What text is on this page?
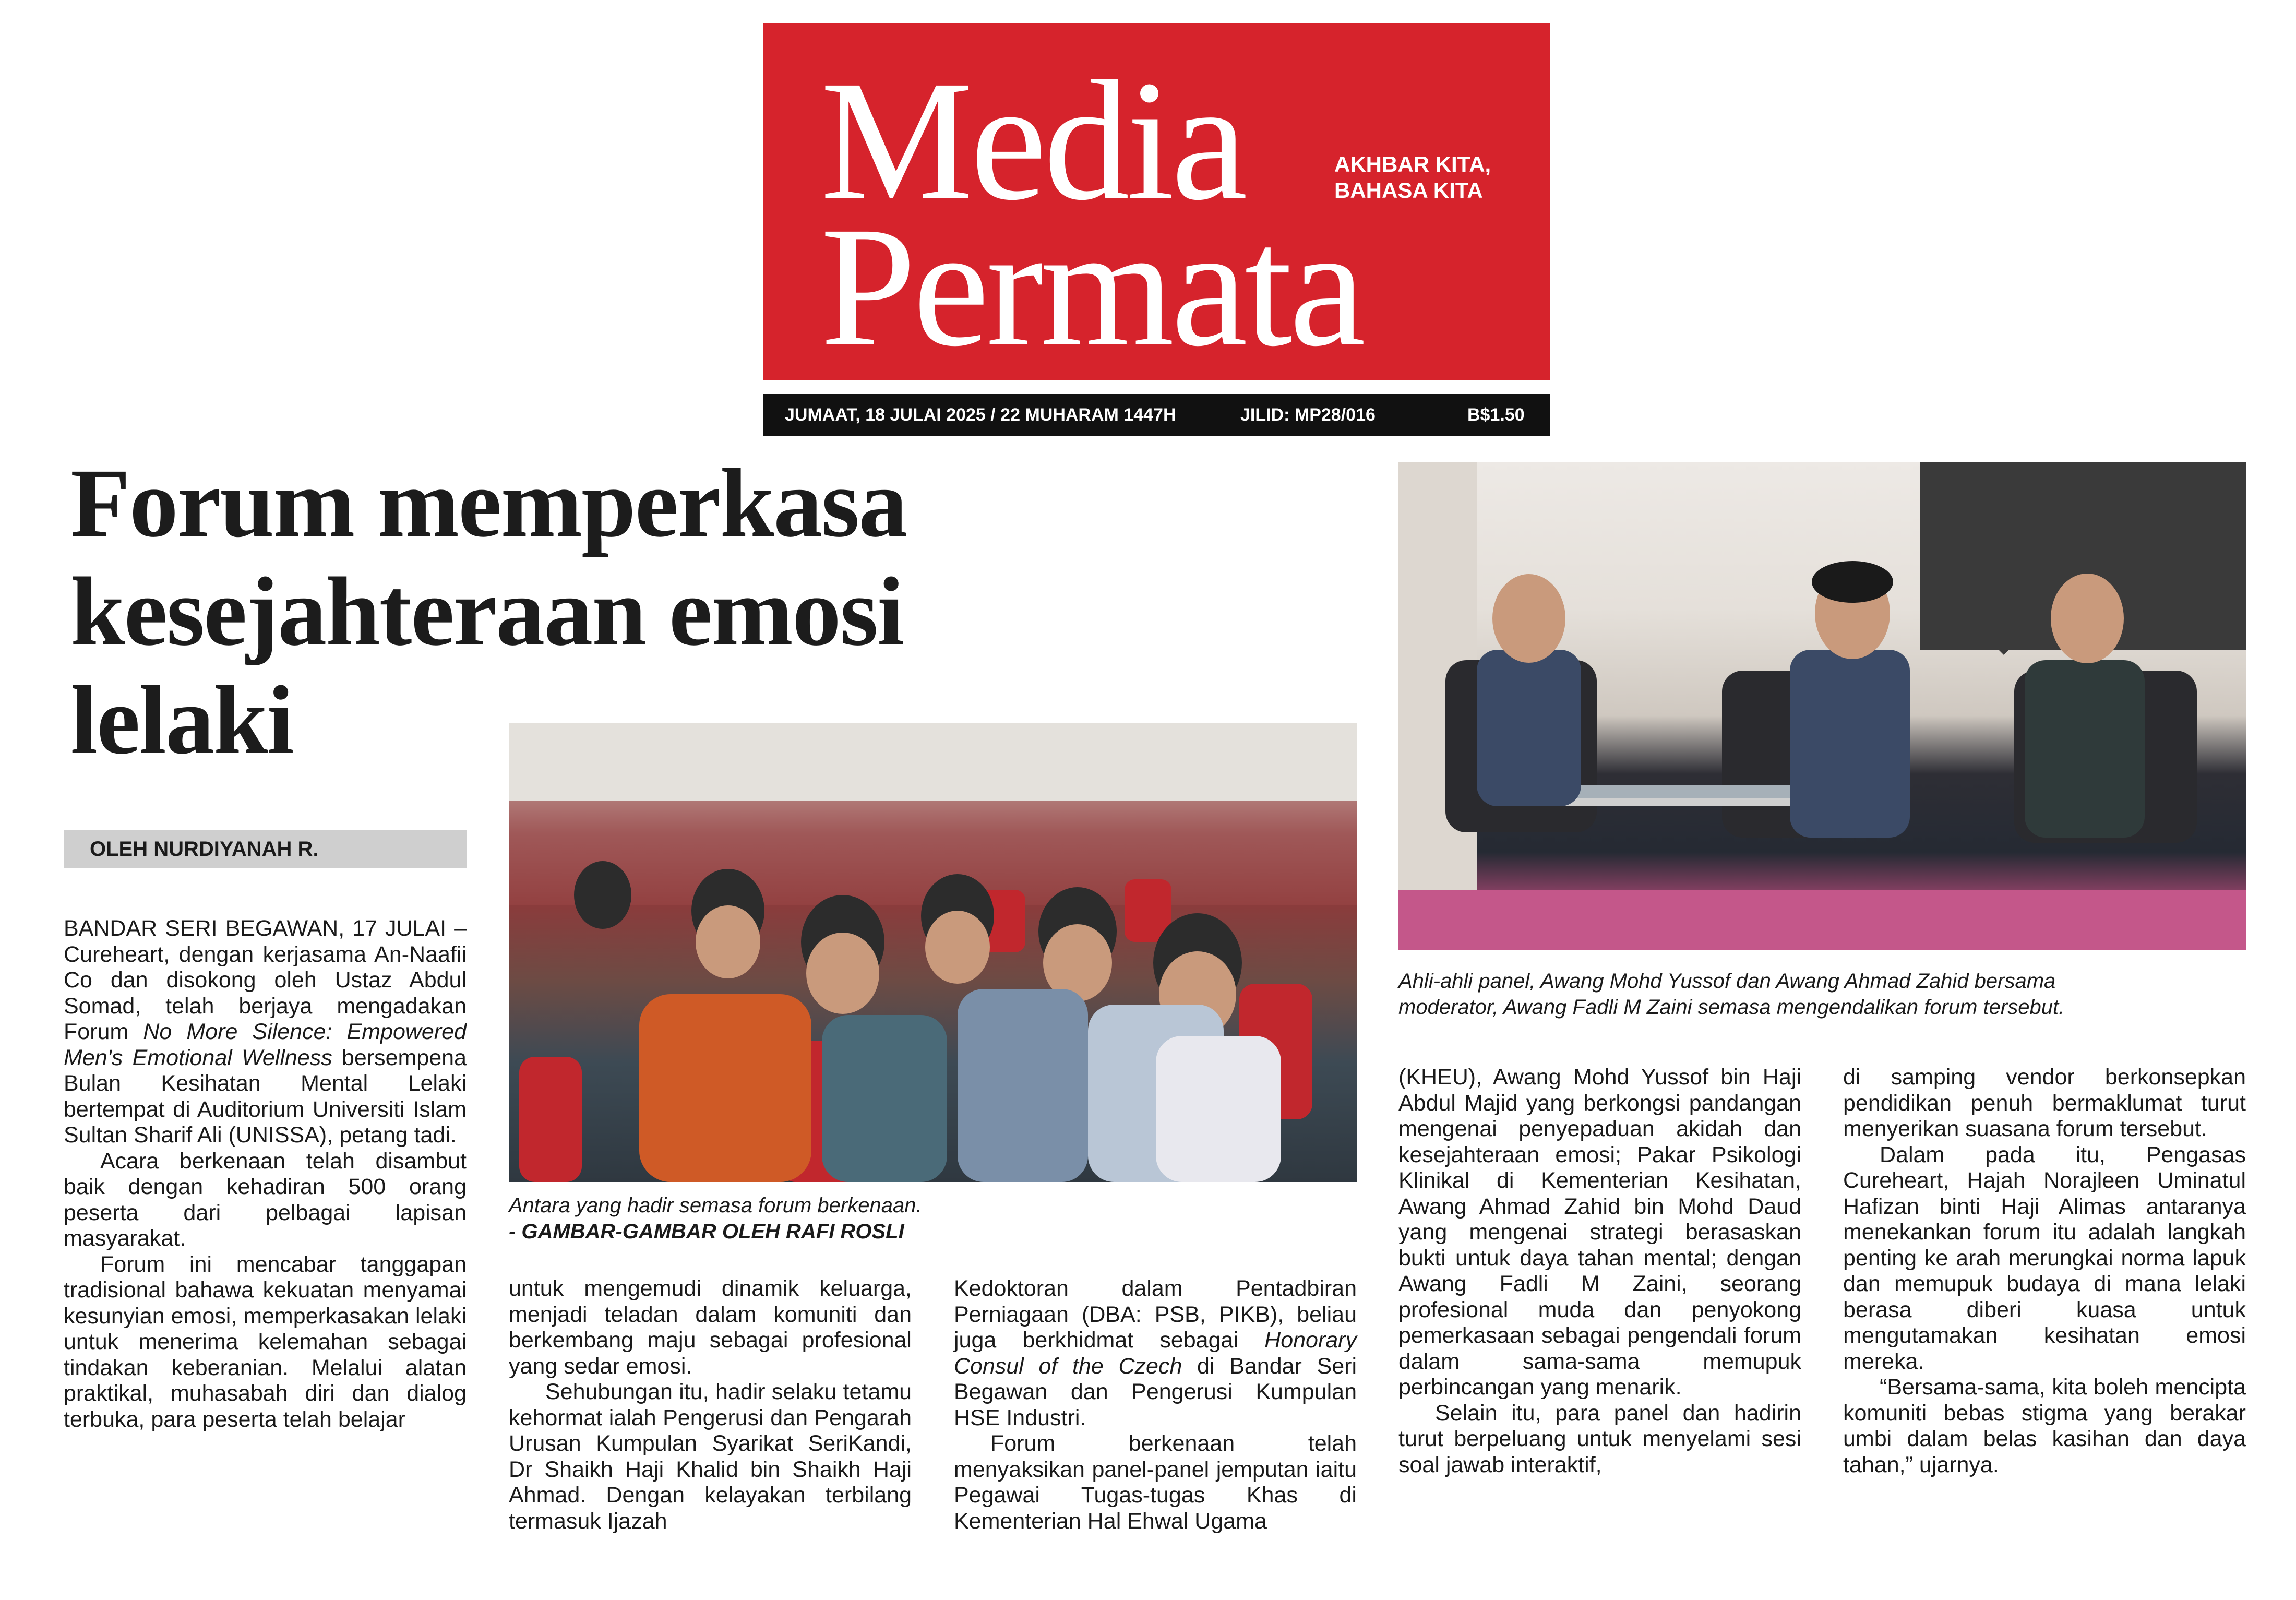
Media
Permata
AKHBAR KITA,
BAHASA KITA
JUMAAT, 18 JULAI 2025 / 22 MUHARAM 1447H	JILID: MP28/016	B$1.50
Forum memperkasa
kesejahteraan emosi
lelaki
OLEH NURDIYANAH R.
Antara yang hadir semasa forum berkenaan.
- GAMBAR-GAMBAR OLEH RAFI ROSLI
Ahli-ahli panel, Awang Mohd Yussof dan Awang Ahmad Zahid bersama
moderator, Awang Fadli M Zaini semasa mengendalikan forum tersebut.

BANDAR SERI BEGAWAN, 17 JULAI – Cureheart, dengan kerjasama An-Naafii Co dan disokong oleh Ustaz Abdul Somad, telah berjaya mengadakan Forum No More Silence: Empowered Men's Emotional Wellness bersempena Bulan Kesihatan Mental Lelaki bertempat di Auditorium Universiti Islam Sultan Sharif Ali (UNISSA), petang tadi.

Acara berkenaan telah disambut baik dengan kehadiran 500 orang peserta dari pelbagai lapisan masyarakat.

Forum ini mencabar tanggapan tradisional bahawa kekuatan menyamai kesunyian emosi, memperkasakan lelaki untuk menerima kelemahan sebagai tindakan keberanian. Melalui alatan praktikal, muhasabah diri dan dialog terbuka, para peserta telah belajar

untuk mengemudi dinamik keluarga, menjadi teladan dalam komuniti dan berkembang maju sebagai profesional yang sedar emosi.

Sehubungan itu, hadir selaku tetamu kehormat ialah Pengerusi dan Pengarah Urusan Kumpulan Syarikat SeriKandi, Dr Shaikh Haji Khalid bin Shaikh Haji Ahmad. Dengan kelayakan terbilang termasuk Ijazah

Kedoktoran dalam Pentadbiran Perniagaan (DBA: PSB, PIKB), beliau juga berkhidmat sebagai Honorary Consul of the Czech di Bandar Seri Begawan dan Pengerusi Kumpulan HSE Industri.

Forum berkenaan telah menyaksikan panel-panel jemputan iaitu Pegawai Tugas-tugas Khas di Kementerian Hal Ehwal Ugama

(KHEU), Awang Mohd Yussof bin Haji Abdul Majid yang berkongsi pandangan mengenai penyepaduan akidah dan kesejahteraan emosi; Pakar Psikologi Klinikal di Kementerian Kesihatan, Awang Ahmad Zahid bin Mohd Daud yang mengenai strategi berasaskan bukti untuk daya tahan mental; dengan Awang Fadli M Zaini, seorang profesional muda dan penyokong pemerkasaan sebagai pengendali forum dalam sama-sama memupuk perbincangan yang menarik.

Selain itu, para panel dan hadirin turut berpeluang untuk menyelami sesi soal jawab interaktif,

di samping vendor berkonsepkan pendidikan penuh bermaklumat turut menyerikan suasana forum tersebut.

Dalam pada itu, Pengasas Cureheart, Hajah Norajleen Uminatul Hafizan binti Haji Alimas antaranya menekankan forum itu adalah langkah penting ke arah merungkai norma lapuk dan memupuk budaya di mana lelaki berasa diberi kuasa untuk mengutamakan kesihatan emosi mereka.

“Bersama-sama, kita boleh mencipta komuniti bebas stigma yang berakar umbi dalam belas kasihan dan daya tahan,” ujarnya.
